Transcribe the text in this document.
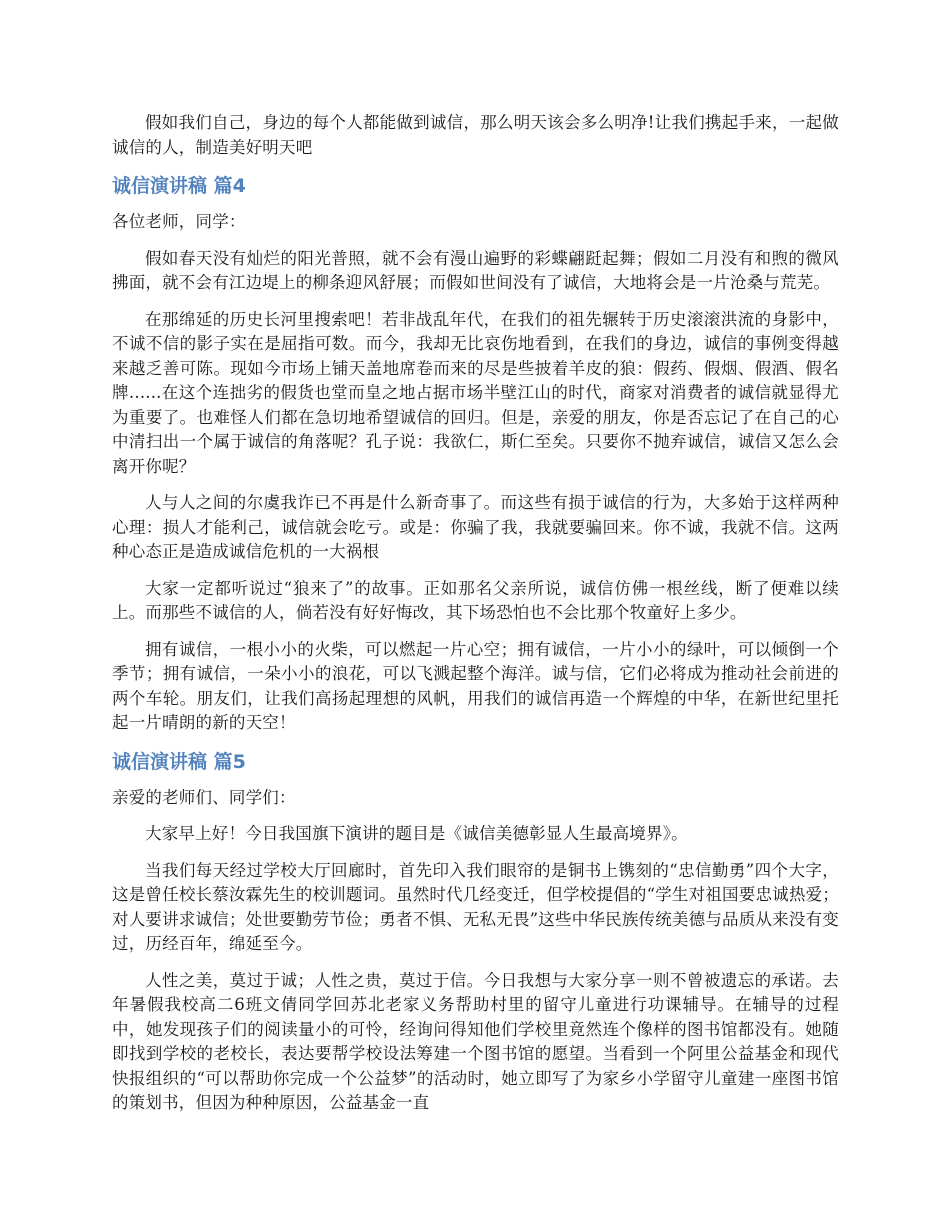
假如我们自己，身边的每个人都能做到诚信，那么明天该会多么明净!让我们携起手来，一起做诚信的人，制造美好明天吧

诚信演讲稿 篇4

各位老师，同学：

假如春天没有灿烂的阳光普照，就不会有漫山遍野的彩蝶翩跹起舞；假如二月没有和煦的微风拂面，就不会有江边堤上的柳条迎风舒展；而假如世间没有了诚信，大地将会是一片沧桑与荒芜。

在那绵延的历史长河里搜索吧！若非战乱年代，在我们的祖先辗转于历史滚滚洪流的身影中，不诚不信的影子实在是屈指可数。而今，我却无比哀伤地看到，在我们的身边，诚信的事例变得越来越乏善可陈。现如今市场上铺天盖地席卷而来的尽是些披着羊皮的狼：假药、假烟、假酒、假名牌......在这个连拙劣的假货也堂而皇之地占据市场半壁江山的时代，商家对消费者的诚信就显得尤为重要了。也难怪人们都在急切地希望诚信的回归。但是，亲爱的朋友，你是否忘记了在自己的心中清扫出一个属于诚信的角落呢？孔子说：我欲仁，斯仁至矣。只要你不抛弃诚信，诚信又怎么会离开你呢？

人与人之间的尔虞我诈已不再是什么新奇事了。而这些有损于诚信的行为，大多始于这样两种心理：损人才能利己，诚信就会吃亏。或是：你骗了我，我就要骗回来。你不诚，我就不信。这两种心态正是造成诚信危机的一大祸根

大家一定都听说过“狼来了”的故事。正如那名父亲所说，诚信仿佛一根丝线，断了便难以续上。而那些不诚信的人，倘若没有好好悔改，其下场恐怕也不会比那个牧童好上多少。

拥有诚信，一根小小的火柴，可以燃起一片心空；拥有诚信，一片小小的绿叶，可以倾倒一个季节；拥有诚信，一朵小小的浪花，可以飞溅起整个海洋。诚与信，它们必将成为推动社会前进的两个车轮。朋友们，让我们高扬起理想的风帆，用我们的诚信再造一个辉煌的中华，在新世纪里托起一片晴朗的新的天空！

诚信演讲稿 篇5

亲爱的老师们、同学们：

大家早上好！今日我国旗下演讲的题目是《诚信美德彰显人生最高境界》。

当我们每天经过学校大厅回廊时，首先印入我们眼帘的是铜书上镌刻的“忠信勤勇”四个大字，这是曾任校长蔡汝霖先生的校训题词。虽然时代几经变迁，但学校提倡的“学生对祖国要忠诚热爱；对人要讲求诚信；处世要勤劳节俭；勇者不惧、无私无畏”这些中华民族传统美德与品质从来没有变过，历经百年，绵延至今。

人性之美，莫过于诚；人性之贵，莫过于信。今日我想与大家分享一则不曾被遗忘的承诺。去年暑假我校高二6班文倩同学回苏北老家义务帮助村里的留守儿童进行功课辅导。在辅导的过程中，她发现孩子们的阅读量小的可怜，经询问得知他们学校里竟然连个像样的图书馆都没有。她随即找到学校的老校长，表达要帮学校设法筹建一个图书馆的愿望。当看到一个阿里公益基金和现代快报组织的“可以帮助你完成一个公益梦”的活动时，她立即写了为家乡小学留守儿童建一座图书馆的策划书，但因为种种原因，公益基金一直
